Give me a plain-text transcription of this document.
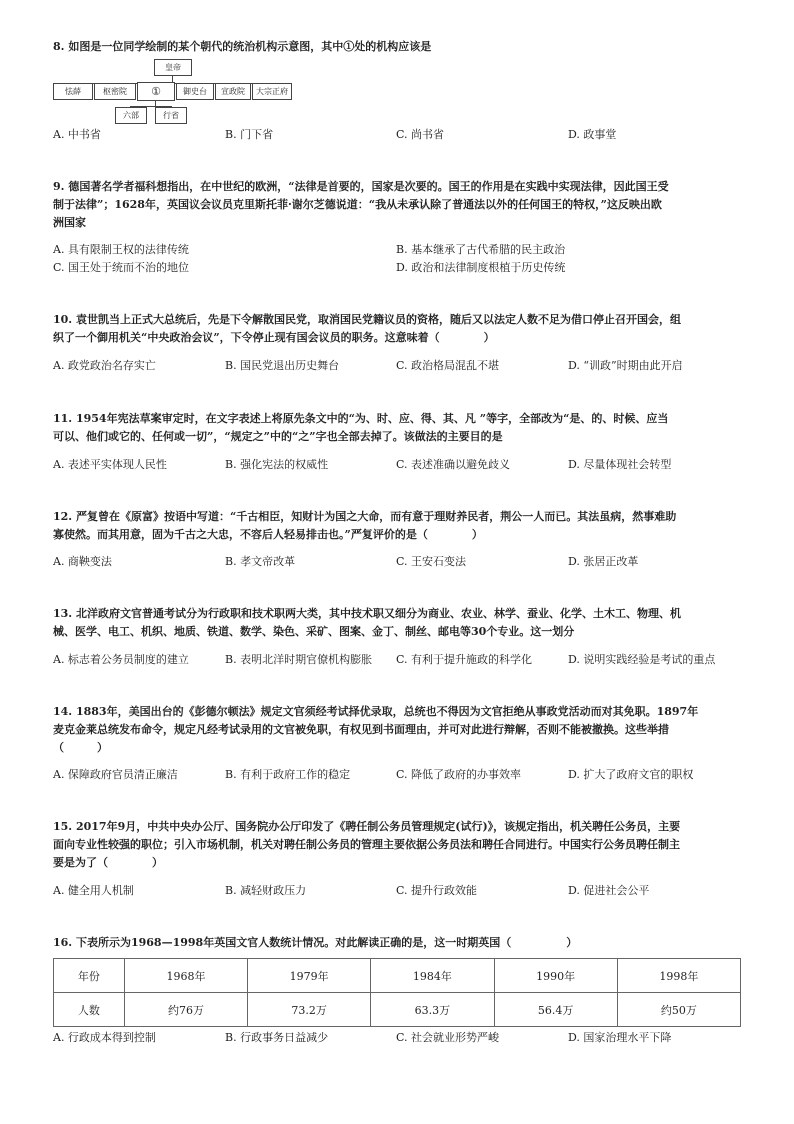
8. 如图是一位同学绘制的某个朝代的统治机构示意图，其中①处的机构应该是
皇帝
怯薛	枢密院	①	御史台	宣政院	大宗正府
六部	行省
A. 中书省	B. 门下省	C. 尚书省	D. 政事堂
9. 德国著名学者福科想指出，在中世纪的欧洲，“法律是首要的，国家是次要的。国王的作用是在实践中实现法律，因此国王受
制于法律”；1628年，英国议会议员克里斯托菲·谢尔芝德说道：“我从未承认除了普通法以外的任何国王的特权，”这反映出欧
洲国家
A. 具有限制王权的法律传统	B. 基本继承了古代希腊的民主政治
C. 国王处于统而不治的地位	D. 政治和法律制度根植于历史传统
10. 袁世凯当上正式大总统后，先是下令解散国民党，取消国民党籍议员的资格，随后又以法定人数不足为借口停止召开国会，组
织了一个御用机关“中央政治会议”，下令停止现有国会议员的职务。这意味着（　　　　）
A. 政党政治名存实亡	B. 国民党退出历史舞台	C. 政治格局混乱不堪	D. “训政”时期由此开启
11. 1954年宪法草案审定时，在文字表述上将原先条文中的“为、时、应、得、其、凡 ”等字，全部改为“是、的、时候、应当
可以、他们或它的、任何或一切”，“规定之”中的“之”字也全部去掉了。该做法的主要目的是
A. 表述平实体现人民性	B. 强化宪法的权威性	C. 表述准确以避免歧义	D. 尽量体现社会转型
12. 严复曾在《原富》按语中写道：“千古相臣，知财计为国之大命，而有意于理财养民者，荆公一人而已。其法虽病，然事难助
寡使然。而其用意，固为千古之大忠，不容后人轻易排击也。”严复评价的是（　　　　）
A. 商鞅变法	B. 孝文帝改革	C. 王安石变法	D. 张居正改革
13. 北洋政府文官普通考试分为行政职和技术职两大类，其中技术职又细分为商业、农业、林学、蚕业、化学、土木工、物理、机
械、医学、电工、机织、地质、铁道、数学、染色、采矿、图案、金丁、制丝、邮电等30个专业。这一划分
A. 标志着公务员制度的建立	B. 表明北洋时期官僚机构膨胀 C. 有利于提升施政的科学化	D. 说明实践经验是考试的重点
14. 1883年，美国出台的《彭德尔顿法》规定文官须经考试择优录取，总统也不得因为文官拒绝从事政党活动而对其免职。1897年
麦克金莱总统发布命令，规定凡经考试录用的文官被免职，有权见到书面理由，并可对此进行辩解，否则不能被撤换。这些举措
（　　　）
A. 保障政府官员清正廉洁	B. 有利于政府工作的稳定	C. 降低了政府的办事效率	D. 扩大了政府文官的职权
15. 2017年9月，中共中央办公厅、国务院办公厅印发了《聘任制公务员管理规定(试行)》，该规定指出，机关聘任公务员，主要
面向专业性较强的职位；引入市场机制，机关对聘任制公务员的管理主要依据公务员法和聘任合同进行。中国实行公务员聘任制主
要是为了（　　　　）
A. 健全用人机制	B. 减轻财政压力	C. 提升行政效能	D. 促进社会公平
16. 下表所示为1968—1998年英国文官人数统计情况。对此解读正确的是，这一时期英国（　　　　　）
年份	1968年	1979年	1984年	1990年	1998年
人数	约76万	73.2万	63.3万	56.4万	约50万
A. 行政成本得到控制	B. 行政事务日益减少	C. 社会就业形势严峻	D. 国家治理水平下降
